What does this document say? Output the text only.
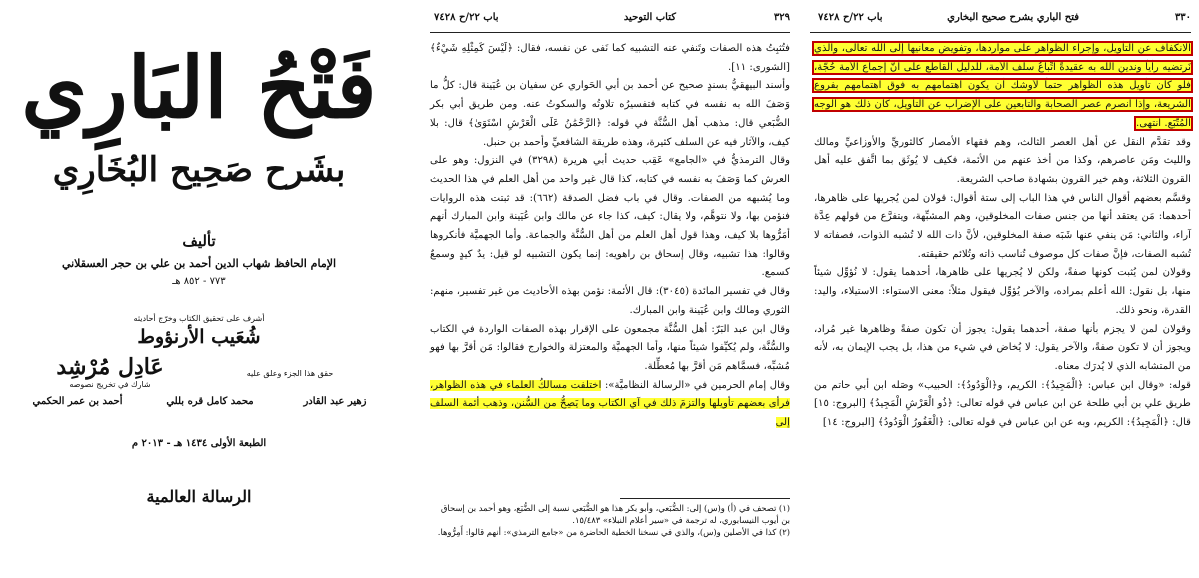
فَتْحُ البَارِي
بشَرح صَحِيح البُخَارِي
تأليف
الإمام الحافظ شهاب الدين أحمد بن علي بن حجر العسقلاني
٧٧٣ - ٨٥٢ هـ
أشرف على تحقيق الكتاب وخرّج أحاديثه
شُعَيب الأرنؤوط
عَادِل مُرْشِد
شارك في تخريج نصوصه
حقق هذا الجزء وعلق عليه
زهير عبد القادر
محمد كامل قره بللي
أحمد بن عمر الحكمي
الطبعة الأولى ١٤٣٤ هـ - ٢٠١٣ م
الرسالة العالمية
٣٢٩
كتاب التوحيد
باب ٢٢/ح ٧٤٢٨

فتُثبِتُ هذه الصفات وتَنفي عنه التشبيه كما نَفى عن نفسه، فقال: ﴿لَيْسَ كَمِثْلِهِ شَيْءٌ﴾ [الشورى: ١١].

وأسند البيهقيُّ بسندٍ صحيح عن أحمد بن أبي الحَواري عن سفيان بن عُيَينة قال: كلُّ ما وَصَفَ الله به نفسه في كتابه فتفسيرُه تلاوتُه والسكوتُ عنه. ومن طريق أبي بكر الضُّبَعي قال: مذهب أهل السُّنَّة في قوله: ﴿الرَّحْمَٰنُ عَلَى الْعَرْشِ اسْتَوَىٰ﴾ قال: بلا كيف، والآثار فيه عن السلف كثيرة، وهذه طريقة الشافعيِّ وأحمد بن حنبل.

وقال الترمذيُّ في «الجامع» عَقِب حديث أبي هريرة (٣٢٩٨) في النزول: وهو على العرش كما وَصَفَ به نفسه في كتابه، كذا قال غير واحد من أهل العلم في هذا الحديث وما يُشبهه من الصفات. وقال في باب فضل الصدقة (٦٦٢): قد ثبتت هذه الروايات فنؤمن بها، ولا نتوهَّم، ولا يقال: كيف، كذا جاء عن مالك وابن عُيَينة وابن المبارك أنهم أمَرُّوها بلا كيف، وهذا قول أهل العلم من أهل السُّنَّة والجماعة. وأما الجهميَّة فأنكروها وقالوا: هذا تشبيه، وقال إسحاق بن راهويه: إنما يكون التشبيه لو قيل: يدٌ كيدٍ وسمعٌ كسمع.

وقال في تفسير المائدة (٣٠٤٥): قال الأئمة: نؤمن بهذه الأحاديث من غير تفسير، منهم: الثوري ومالك وابن عُيَينة وابن المبارك.

وقال ابن عبد البَرّ: أهل السُّنَّة مجمعون على الإقرار بهذه الصفات الواردة في الكتاب والسُّنَّة، ولم يُكيِّفوا شيئاً منها، وأما الجهميَّة والمعتزلة والخوارج فقالوا: مَن أقرَّ بها فهو مُشبِّه، فسمَّاهم مَن أقرَّ بها مُعطِّلة.

وقال إمام الحرمين في «الرسالة النظاميَّة»: اختلفت مسالكُ العلماء في هذه الظواهر، فرأى بعضهم تأويلها والتزمَ ذلك في آي الكتاب وما يَصِحُّ من السُّنن، وذهب أئمة السلف إلى

(١) تصحف في (أ) و(س) إلى: الضُّبَعي، وأبو بكر هذا هو الضُّبَعي نسبة إلى الضُّبَع، وهو أحمد بن إسحاق بن أيوب النيسابوري، له ترجمة في «سير أعلام النبلاء» ١٥/٤٨٣.
(٢) كذا في الأصلين و(س)، والذي في نسخنا الخطية الحاضرة من «جامع الترمذي»: أنهم قالوا: أَمِرُّوها.
٣٣٠
فتح الباري بشرح صحيح البخاري
باب ٢٢/ح ٧٤٢٨

الانكفاف عن التأويل، وإجراء الظواهر على مواردها، وتفويض معانيها إلى الله تعالى، والذي نَرتضيه رأياً وندين الله به عقيدةً اتِّباعُ سلف الأمة، للدليل القاطع على أنَّ إجماع الأمة حُجَّة، فلو كان تأويل هذه الظواهر حتماً لأوشك أن يكون اهتمامهم به فوق اهتمامهم بفروع الشريعة، وإذا انصرم عصر الصحابة والتابعين على الإضراب عن التأويل، كان ذلك هو الوجه المُتَّبَع. انتهى.

وقد تقدَّم النقل عن أهل العصر الثالث، وهم فقهاء الأمصار كالثوريِّ والأوزاعيِّ ومالك والليث ومَن عاصرهم، وكذا من أخذ عنهم من الأئمة، فكيف لا يُوثَق بما اتَّفق عليه أهل القرون الثلاثة، وهم خير القرون بشهادة صاحب الشريعة.

وقسَّم بعضهم أقوال الناس في هذا الباب إلى ستة أقوال: قولان لمن يُجريها على ظاهرها، أحدهما: مَن يعتقد أنها من جنس صفات المخلوقين، وهم المشبِّهة، ويتفرَّع من قولهم عِدَّة آراء، والثاني: مَن ينفي عنها شَبَه صفة المخلوقين، لأنَّ ذات الله لا تُشبه الذوات، فصفاته لا تُشبه الصفات، فإنَّ صفات كل موصوف تُناسب ذاته وتُلائم حقيقته.

وقولان لمن يُثبت كونها صفةً، ولكن لا يُجريها على ظاهرها، أحدهما يقول: لا نُؤوِّل شيئاً منها، بل نقول: الله أعلم بمراده، والآخر يُؤوِّل فيقول مثلاً: معنى الاستواء: الاستيلاء، واليد: القدرة، ونحو ذلك.

وقولان لمن لا يجزم بأنها صفة، أحدهما يقول: يجوز أن تكون صفةً وظاهرها غير مُراد، ويجوز أن لا تكون صفةً، والآخر يقول: لا يُخاض في شيء من هذا، بل يجب الإيمان به، لأنه من المتشابه الذي لا يُدرَك معناه.

قوله: «وقال ابن عباس: ﴿الْمَجِيدُ﴾: الكريم، و﴿الْوَدُودُ﴾: الحبيب» وصَله ابن أبي حاتم من طريق علي بن أبي طلحة عن ابن عباس في قوله تعالى: ﴿ذُو الْعَرْشِ الْمَجِيدُ﴾ [البروج: ١٥] قال: ﴿الْمَجِيدُ﴾: الكريم، وبه عن ابن عباس في قوله تعالى: ﴿الْغَفُورُ الْوَدُودُ﴾ [البروج: ١٤]
